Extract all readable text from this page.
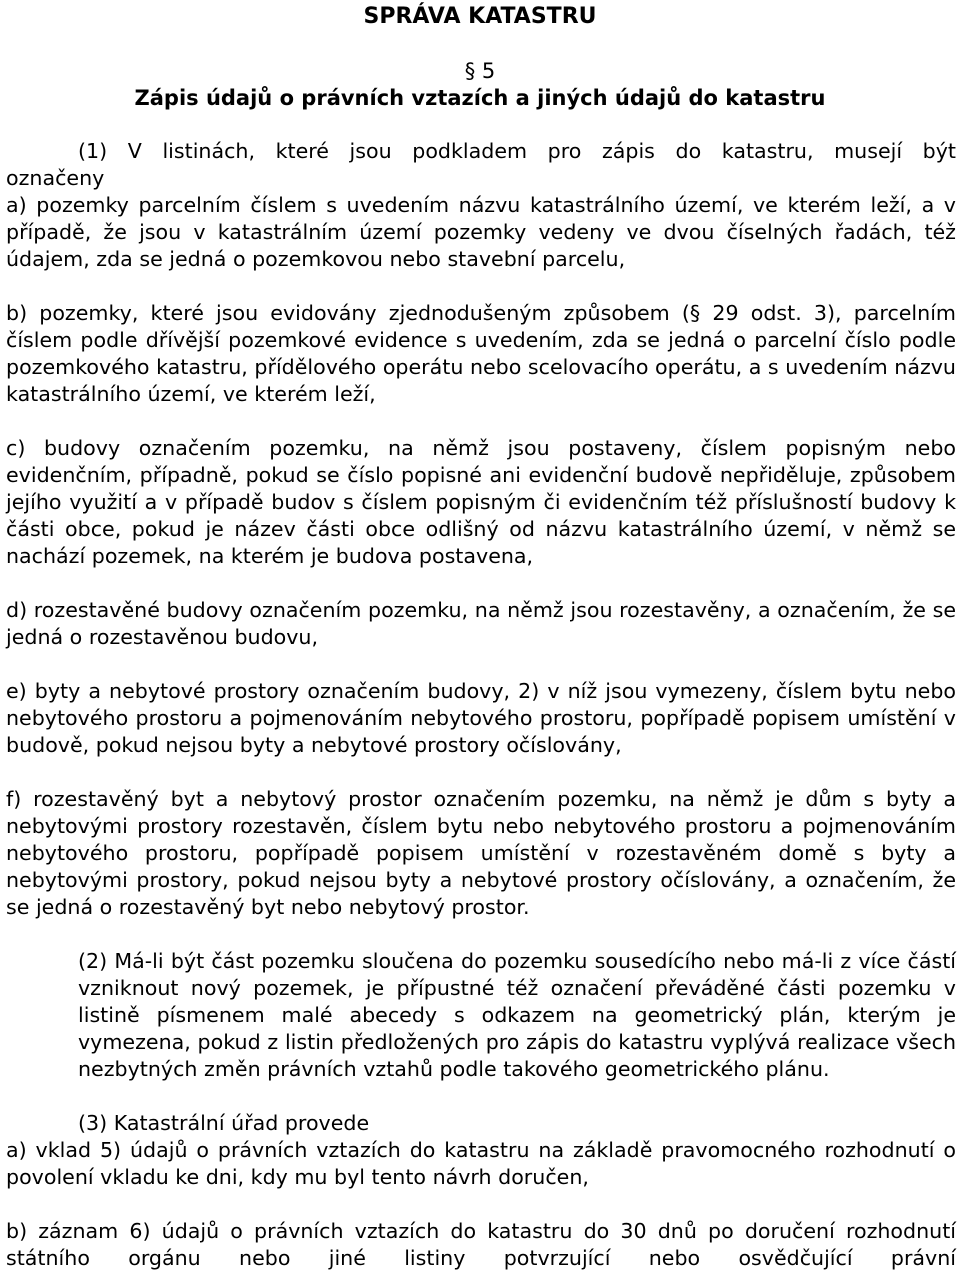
SPRÁVA KATASTRU
§ 5
Zápis údajů o právních vztazích a jiných údajů do katastru

(1) V listinách, které jsou podkladem pro zápis do katastru, musejí být

označeny

a) pozemky parcelním číslem s uvedením názvu katastrálního území, ve kterém leží, a v případě, že jsou v katastrálním území pozemky vedeny ve dvou číselných řadách, též údajem, zda se jedná o pozemkovou nebo stavební parcelu,

b) pozemky, které jsou evidovány zjednodušeným způsobem (§ 29 odst. 3), parcelním číslem podle dřívější pozemkové evidence s uvedením, zda se jedná o parcelní číslo podle pozemkového katastru, přídělového operátu nebo scelovacího operátu, a s uvedením názvu katastrálního území, ve kterém leží,

c) budovy označením pozemku, na němž jsou postaveny, číslem popisným nebo evidenčním, případně, pokud se číslo popisné ani evidenční budově nepřiděluje, způsobem jejího využití a v případě budov s číslem popisným či evidenčním též příslušností budovy k části obce, pokud je název části obce odlišný od názvu katastrálního území, v němž se nachází pozemek, na kterém je budova postavena,

d) rozestavěné budovy označením pozemku, na němž jsou rozestavěny, a označením, že se jedná o rozestavěnou budovu,

e) byty a nebytové prostory označením budovy, 2) v níž jsou vymezeny, číslem bytu nebo nebytového prostoru a pojmenováním nebytového prostoru, popřípadě popisem umístění v budově, pokud nejsou byty a nebytové prostory očíslovány,

f) rozestavěný byt a nebytový prostor označením pozemku, na němž je dům s byty a nebytovými prostory rozestavěn, číslem bytu nebo nebytového prostoru a pojmenováním nebytového prostoru, popřípadě popisem umístění v rozestavěném domě s byty a nebytovými prostory, pokud nejsou byty a nebytové prostory očíslovány, a označením, že se jedná o rozestavěný byt nebo nebytový prostor.

(2) Má-li být část pozemku sloučena do pozemku sousedícího nebo má-li z více částí vzniknout nový pozemek, je přípustné též označení převáděné části pozemku v listině písmenem malé abecedy s odkazem na geometrický plán, kterým je vymezena, pokud z listin předložených pro zápis do katastru vyplývá realizace všech nezbytných změn právních vztahů podle takového geometrického plánu.

(3) Katastrální úřad provede

a) vklad 5) údajů o právních vztazích do katastru na základě pravomocného rozhodnutí o povolení vkladu ke dni, kdy mu byl tento návrh doručen,

b) záznam 6) údajů o právních vztazích do katastru do 30 dnů po doručení rozhodnutí státního orgánu nebo jiné listiny potvrzující nebo osvědčující právní
